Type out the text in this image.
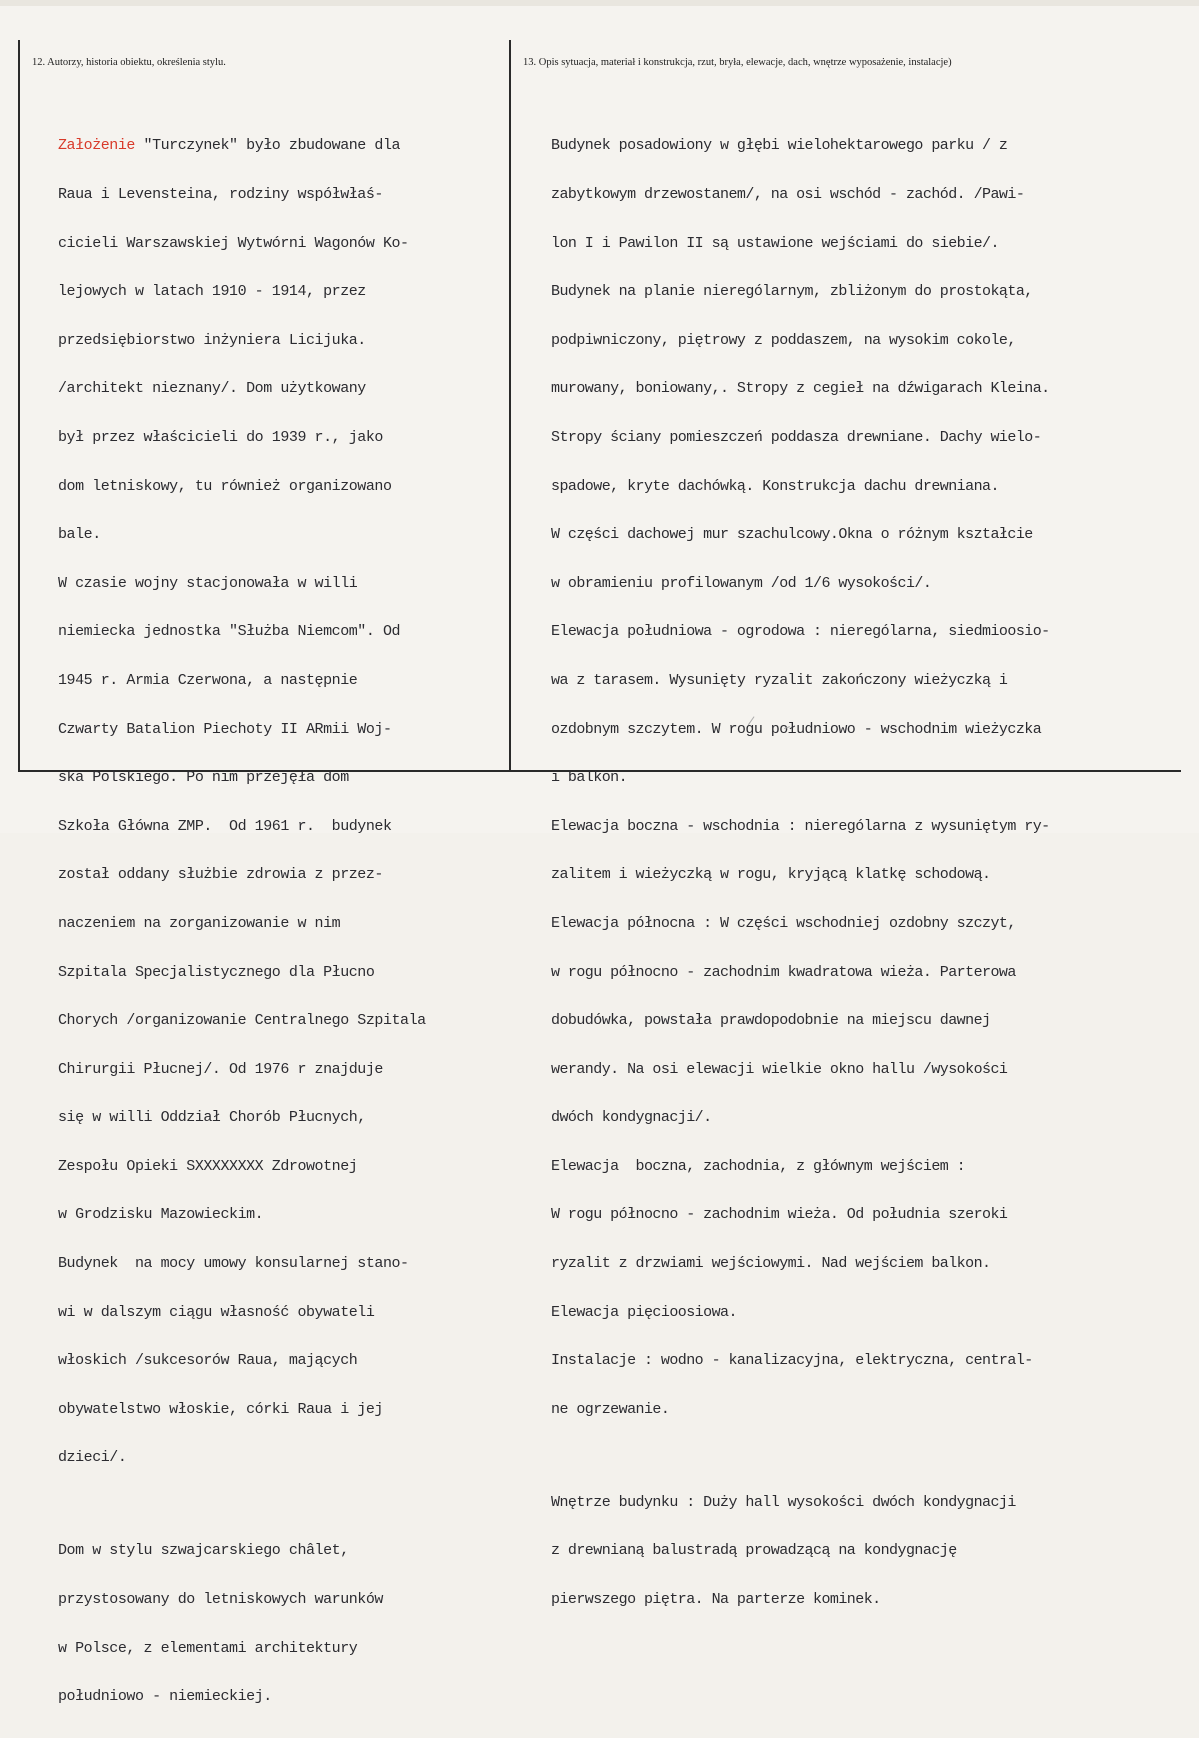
12. Autorzy, historia obiektu, określenia stylu.	13. Opis sytuacja, materiał i konstrukcja, rzut, bryła, elewacje, dach, wnętrze wyposażenie, instalacje)

Założenie "Turczynek" było zbudowane dla

Raua i Levensteina, rodziny współwłaś-

cicieli Warszawskiej Wytwórni Wagonów Ko-

lejowych w latach 1910 - 1914, przez

przedsiębiorstwo inżyniera Licijuka.

/architekt nieznany/. Dom użytkowany

był przez właścicieli do 1939 r., jako

dom letniskowy, tu również organizowano

bale.

W czasie wojny stacjonowała w willi

niemiecka jednostka "Służba Niemcom". Od

1945 r. Armia Czerwona, a następnie

Czwarty Batalion Piechoty II ARmii Woj-

ska Polskiego. Po nim przejęła dom

Szkoła Główna ZMP.  Od 1961 r.  budynek

został oddany służbie zdrowia z przez-

naczeniem na zorganizowanie w nim

Szpitala Specjalistycznego dla Płucno

Chorych /organizowanie Centralnego Szpitala

Chirurgii Płucnej/. Od 1976 r znajduje

się w willi Oddział Chorób Płucnych,

Zespołu Opieki SXXXXXXXX Zdrowotnej

w Grodzisku Mazowieckim.

Budynek  na mocy umowy konsularnej stano-

wi w dalszym ciągu własność obywateli

włoskich /sukcesorów Raua, mających

obywatelstwo włoskie, córki Raua i jej

dzieci/.

Dom w stylu szwajcarskiego châlet,

przystosowany do letniskowych warunków

w Polsce, z elementami architektury

południowo - niemieckiej.

Budynek posadowiony w głębi wielohektarowego parku / z

zabytkowym drzewostanem/, na osi wschód - zachód. /Pawi-

lon I i Pawilon II są ustawione wejściami do siebie/.

Budynek na planie nierególarnym, zbliżonym do prostokąta,

podpiwniczony, piętrowy z poddaszem, na wysokim cokole,

murowany, boniowany,. Stropy z cegieł na dźwigarach Kleina.

Stropy ściany pomieszczeń poddasza drewniane. Dachy wielo-

spadowe, kryte dachówką. Konstrukcja dachu drewniana.

W części dachowej mur szachulcowy.Okna o różnym kształcie

w obramieniu profilowanym /od 1/6 wysokości/.

Elewacja południowa - ogrodowa : nierególarna, siedmioosio-

wa z tarasem. Wysunięty ryzalit zakończony wieżyczką i

ozdobnym szczytem. W rogu południowo - wschodnim wieżyczka

i balkon.

Elewacja boczna - wschodnia : nierególarna z wysuniętym ry-

zalitem i wieżyczką w rogu, kryjącą klatkę schodową.

Elewacja północna : W części wschodniej ozdobny szczyt,

w rogu północno - zachodnim kwadratowa wieża. Parterowa

dobudówka, powstała prawdopodobnie na miejscu dawnej

werandy. Na osi elewacji wielkie okno hallu /wysokości

dwóch kondygnacji/.

Elewacja  boczna, zachodnia, z głównym wejściem :

W rogu północno - zachodnim wieża. Od południa szeroki

ryzalit z drzwiami wejściowymi. Nad wejściem balkon.

Elewacja pięcioosiowa.

Instalacje : wodno - kanalizacyjna, elektryczna, central-

ne ogrzewanie.

Wnętrze budynku : Duży hall wysokości dwóch kondygnacji

z drewnianą balustradą prowadzącą na kondygnację

pierwszego piętra. Na parterze kominek.
